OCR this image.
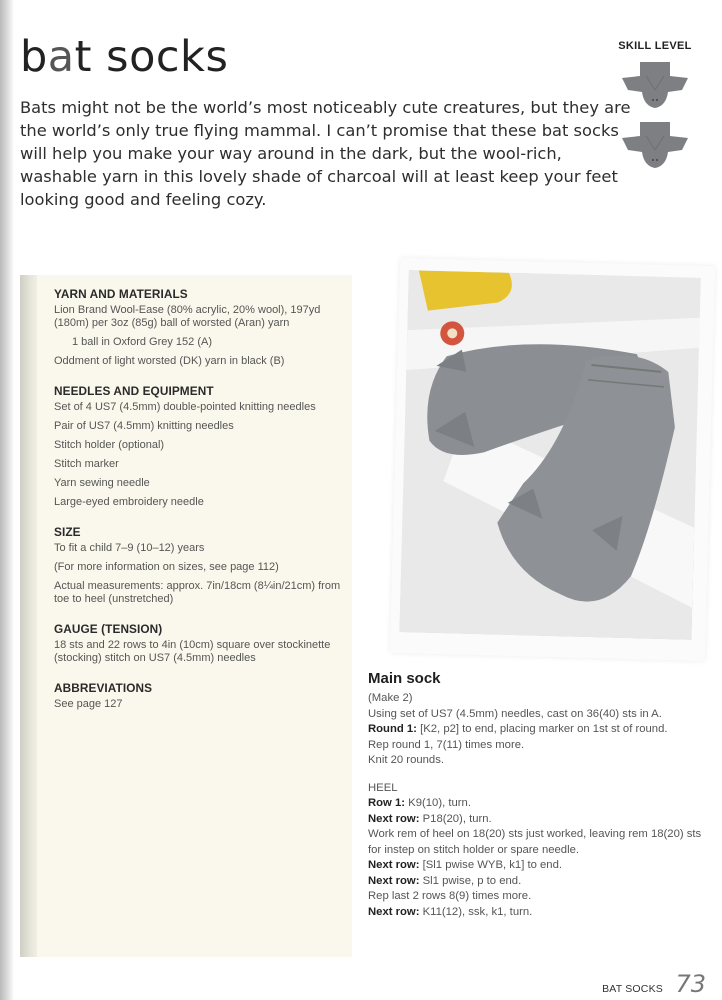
bat socks
Bats might not be the world’s most noticeably cute creatures, but they are
the world’s only true flying mammal. I can’t promise that these bat socks
will help you make your way around in the dark, but the wool-rich,
washable yarn in this lovely shade of charcoal will at least keep your feet
looking good and feeling cozy.
SKILL LEVEL
YARN AND MATERIALS

Lion Brand Wool-Ease (80% acrylic, 20% wool), 197yd (180m) per 3oz (85g) ball of worsted (Aran) yarn

1 ball in Oxford Grey 152 (A)

Oddment of light worsted (DK) yarn in black (B)

NEEDLES AND EQUIPMENT

Set of 4 US7 (4.5mm) double-pointed knitting needles

Pair of US7 (4.5mm) knitting needles

Stitch holder (optional)

Stitch marker

Yarn sewing needle

Large-eyed embroidery needle

SIZE

To fit a child 7–9 (10–12) years

(For more information on sizes, see page 112)

Actual measurements: approx. 7in/18cm (8¼in/21cm) from toe to heel (unstretched)

GAUGE (TENSION)

18 sts and 22 rows to 4in (10cm) square over stockinette (stocking) stitch on US7 (4.5mm) needles

ABBREVIATIONS

See page 127

Main sock

(Make 2)

Using set of US7 (4.5mm) needles, cast on 36(40) sts in A.

Round 1: [K2, p2] to end, placing marker on 1st st of round.

Rep round 1, 7(11) times more.

Knit 20 rounds.

HEEL

Row 1: K9(10), turn.

Next row: P18(20), turn.

Work rem of heel on 18(20) sts just worked, leaving rem 18(20) sts for instep on stitch holder or spare needle.

Next row: [Sl1 pwise WYB, k1] to end.

Next row: Sl1 pwise, p to end.

Rep last 2 rows 8(9) times more.

Next row: K11(12), ssk, k1, turn.

BAT SOCKS 73
